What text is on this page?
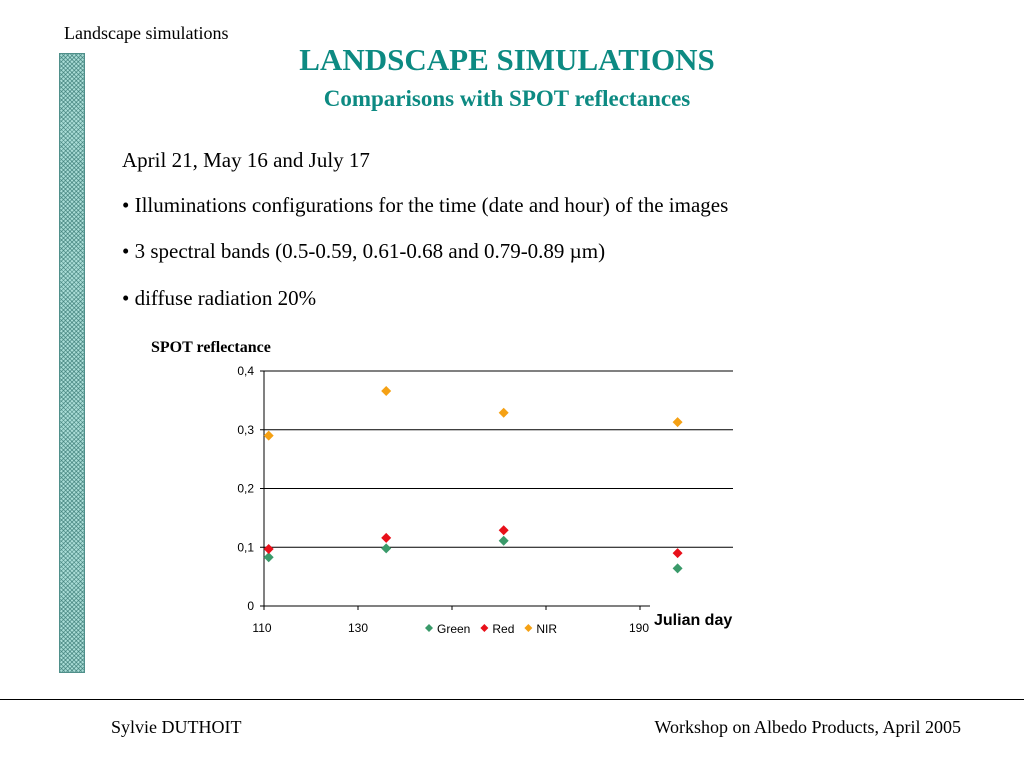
Landscape simulations
LANDSCAPE SIMULATIONS
Comparisons with SPOT reflectances
April 21, May 16 and July 17
• Illuminations configurations for the time (date and hour) of the images
• 3 spectral bands (0.5-0.59, 0.61-0.68 and 0.79-0.89 µm)
• diffuse radiation 20%
SPOT reflectance
0
0,1
0,2
0,3
0,4
110	130	190 Julian day
Green Red NIR
Sylvie DUTHOIT	Workshop on Albedo Products, April 2005
